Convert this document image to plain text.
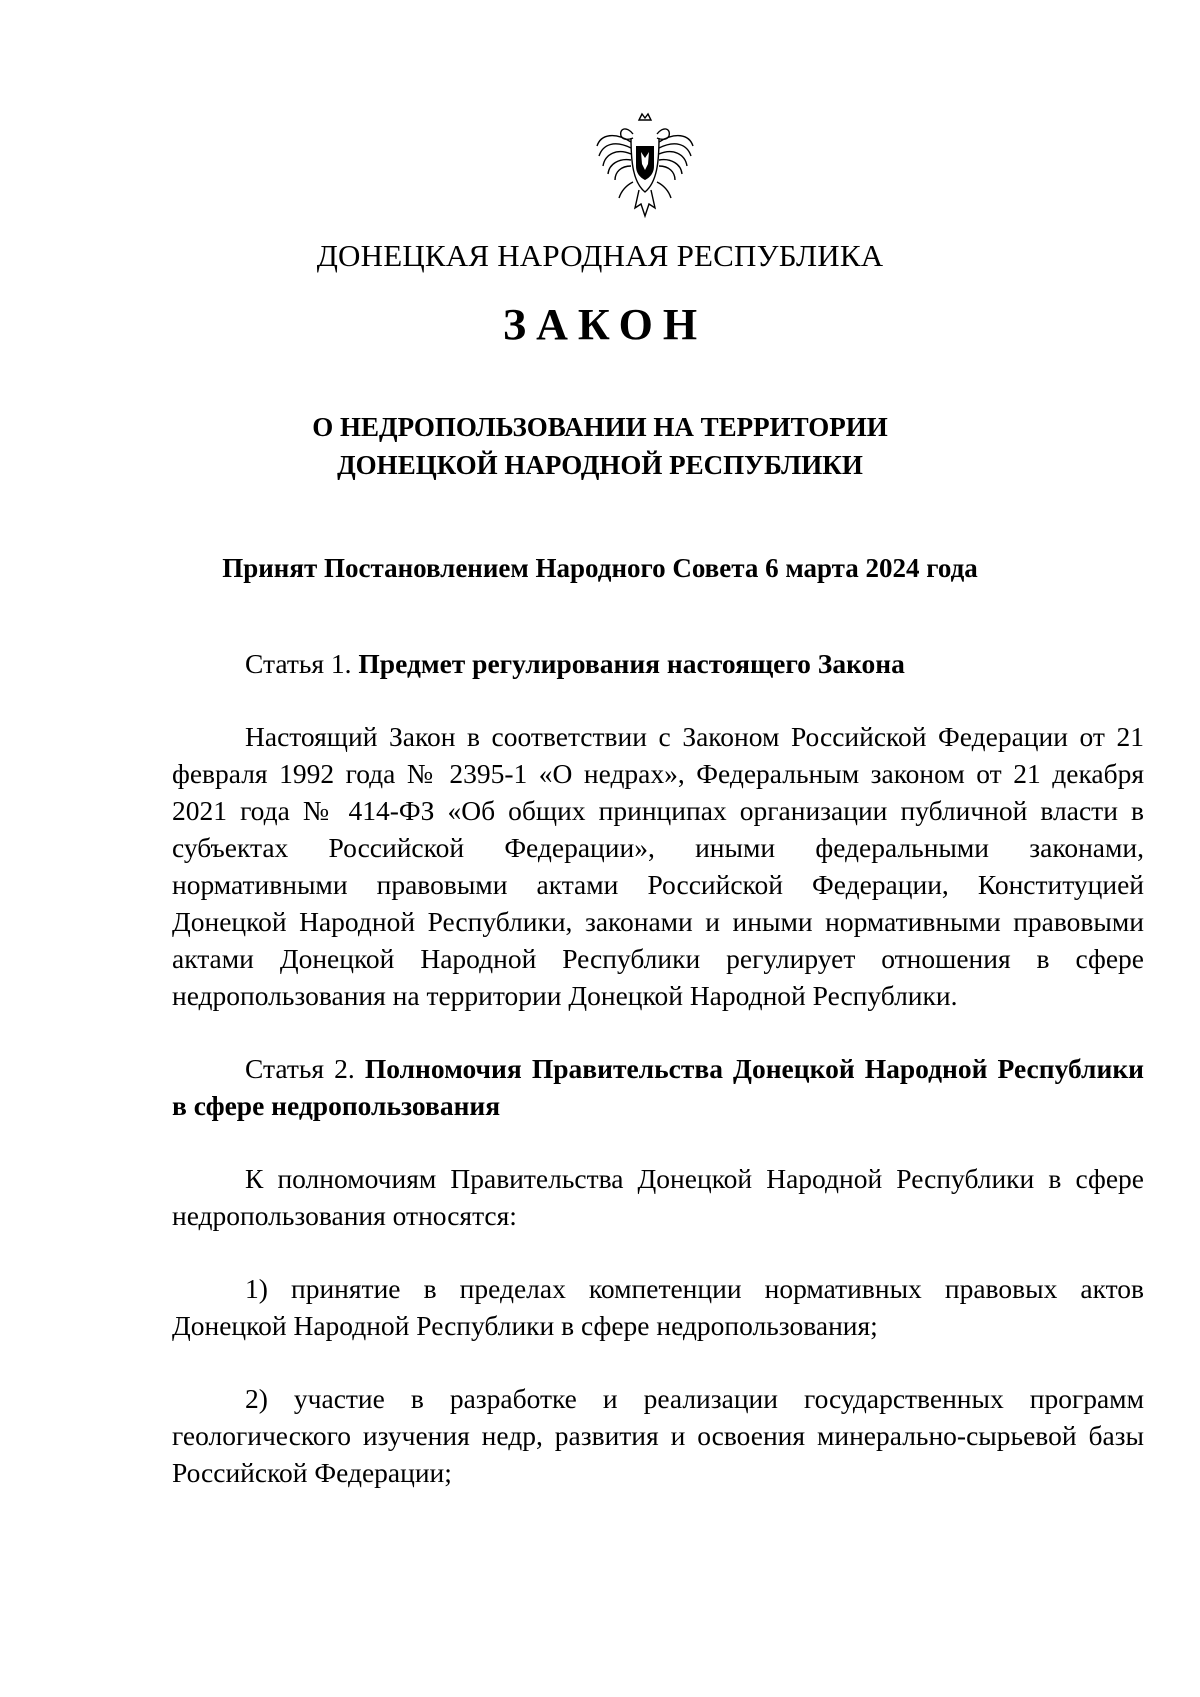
ДОНЕЦКАЯ НАРОДНАЯ РЕСПУБЛИКА
ЗАКОН
О НЕДРОПОЛЬЗОВАНИИ НА ТЕРРИТОРИИ
ДОНЕЦКОЙ НАРОДНОЙ РЕСПУБЛИКИ
Принят Постановлением Народного Совета 6 марта 2024 года

Статья 1. Предмет регулирования настоящего Закона

Настоящий Закон в соответствии с Законом Российской Федерации от 21 февраля 1992 года № 2395-1 «О недрах», Федеральным законом от 21 декабря 2021 года № 414-ФЗ «Об общих принципах организации публичной власти в субъектах Российской Федерации», иными федеральными законами, нормативными правовыми актами Российской Федерации, Конституцией Донецкой Народной Республики, законами и иными нормативными правовыми актами Донецкой Народной Республики регулирует отношения в сфере недропользования на территории Донецкой Народной Республики.

Статья 2. Полномочия Правительства Донецкой Народной Республики в сфере недропользования

К полномочиям Правительства Донецкой Народной Республики в сфере недропользования относятся:

1) принятие в пределах компетенции нормативных правовых актов Донецкой Народной Республики в сфере недропользования;

2) участие в разработке и реализации государственных программ геологического изучения недр, развития и освоения минерально-сырьевой базы Российской Федерации;
